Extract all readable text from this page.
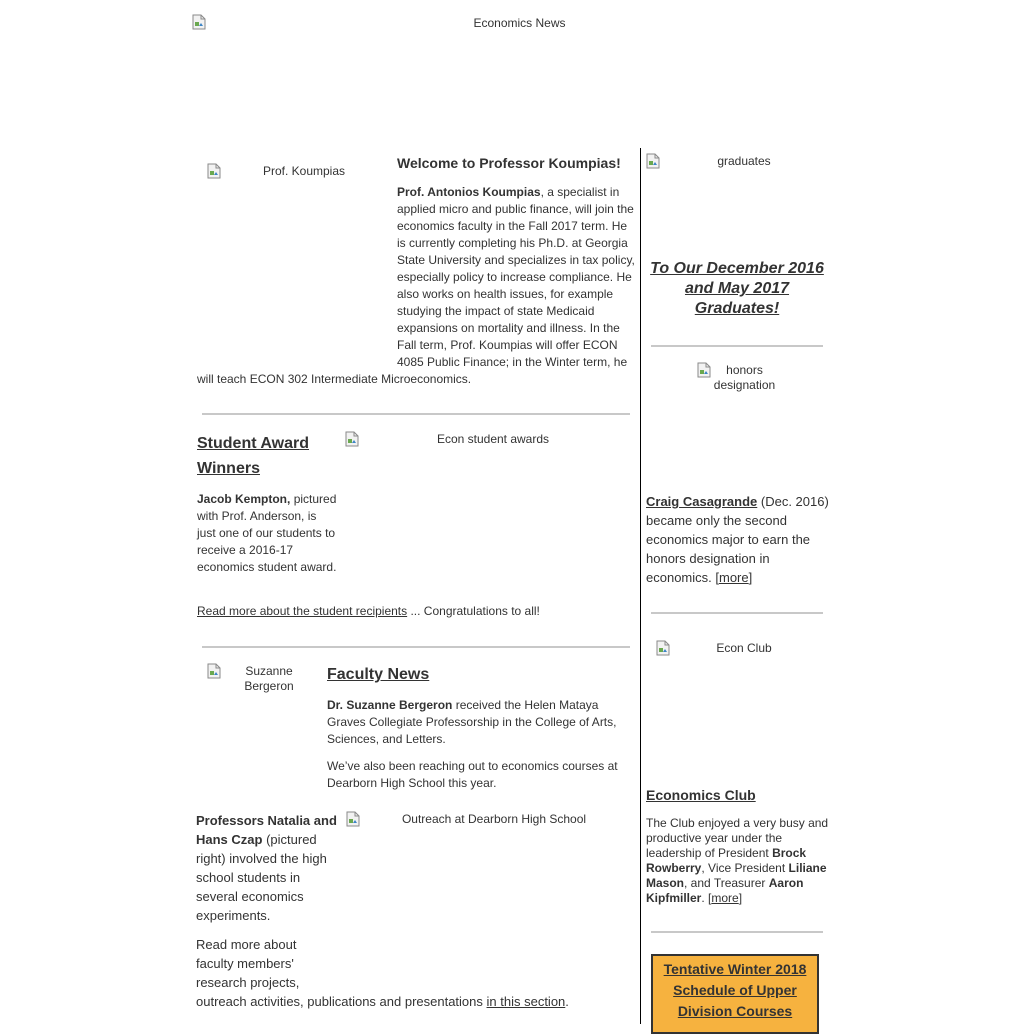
Economics News
Prof. Koumpias	Welcome to Professor Koumpias!
Prof. Antonios Koumpias, a specialist in applied micro and public finance, will join the economics faculty in the Fall 2017 term. He is currently completing his Ph.D. at Georgia State University and specializes in tax policy, especially policy to increase compliance. He also works on health issues, for example studying the impact of state Medicaid expansions on mortality and illness. In the Fall term, Prof. Koumpias will offer ECON 4085 Public Finance; in the Winter term, he will teach ECON 302 Intermediate Microeconomics.
Student Award Winners
Econ student awards
Jacob Kempton, pictured with Prof. Anderson, is just one of our students to receive a 2016-17 economics student award.
Read more about the student recipients ... Congratulations to all!
Suzanne Bergeron
Faculty News
Dr. Suzanne Bergeron received the Helen Mataya Graves Collegiate Professorship in the College of Arts, Sciences, and Letters.
We’ve also been reaching out to economics courses at Dearborn High School this year.
Outreach at Dearborn High School
Professors Natalia and Hans Czap (pictured right) involved the high school students in several economics experiments.
Read more about faculty members' research projects, outreach activities, publications and presentations in this section.
graduates
To Our December 2016 and May 2017 Graduates!
honors designation
Craig Casagrande (Dec. 2016) became only the second economics major to earn the honors designation in economics. [more]
Econ Club
Economics Club
The Club enjoyed a very busy and productive year under the leadership of President Brock Rowberry, Vice President Liliane Mason, and Treasurer Aaron Kipfmiller. [more]
Tentative Winter 2018 Schedule of Upper Division Courses
